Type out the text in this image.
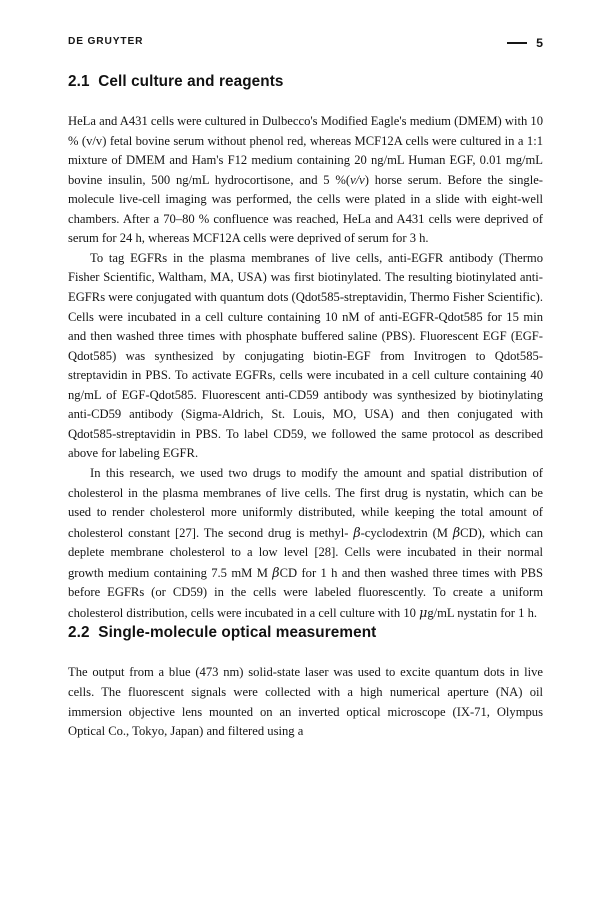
DE GRUYTER	5
2.1  Cell culture and reagents

HeLa and A431 cells were cultured in Dulbecco's Modified Eagle's medium (DMEM) with 10 % (v/v) fetal bovine serum without phenol red, whereas MCF12A cells were cultured in a 1:1 mixture of DMEM and Ham's F12 medium containing 20 ng/mL Human EGF, 0.01 mg/mL bovine insulin, 500 ng/mL hydrocortisone, and 5 %(v/v) horse serum. Before the single-molecule live-cell imaging was performed, the cells were plated in a slide with eight-well chambers. After a 70–80 % confluence was reached, HeLa and A431 cells were deprived of serum for 24 h, whereas MCF12A cells were deprived of serum for 3 h.

To tag EGFRs in the plasma membranes of live cells, anti-EGFR antibody (Thermo Fisher Scientific, Waltham, MA, USA) was first biotinylated. The resulting biotinylated anti-EGFRs were conjugated with quantum dots (Qdot585-streptavidin, Thermo Fisher Scientific). Cells were incubated in a cell culture containing 10 nM of anti-EGFR-Qdot585 for 15 min and then washed three times with phosphate buffered saline (PBS). Fluorescent EGF (EGF-Qdot585) was synthesized by conjugating biotin-EGF from Invitrogen to Qdot585-streptavidin in PBS. To activate EGFRs, cells were incubated in a cell culture containing 40 ng/mL of EGF-Qdot585. Fluorescent anti-CD59 antibody was synthesized by biotinylating anti-CD59 antibody (Sigma-Aldrich, St. Louis, MO, USA) and then conjugated with Qdot585-streptavidin in PBS. To label CD59, we followed the same protocol as described above for labeling EGFR.

In this research, we used two drugs to modify the amount and spatial distribution of cholesterol in the plasma membranes of live cells. The first drug is nystatin, which can be used to render cholesterol more uniformly distributed, while keeping the total amount of cholesterol constant [27]. The second drug is methyl- β-cyclodextrin (M βCD), which can deplete membrane cholesterol to a low level [28]. Cells were incubated in their normal growth medium containing 7.5 mM M βCD for 1 h and then washed three times with PBS before EGFRs (or CD59) in the cells were labeled fluorescently. To create a uniform cholesterol distribution, cells were incubated in a cell culture with 10 μg/mL nystatin for 1 h.

2.2  Single-molecule optical measurement

The output from a blue (473 nm) solid-state laser was used to excite quantum dots in live cells. The fluorescent signals were collected with a high numerical aperture (NA) oil immersion objective lens mounted on an inverted optical microscope (IX-71, Olympus Optical Co., Tokyo, Japan) and filtered using a
